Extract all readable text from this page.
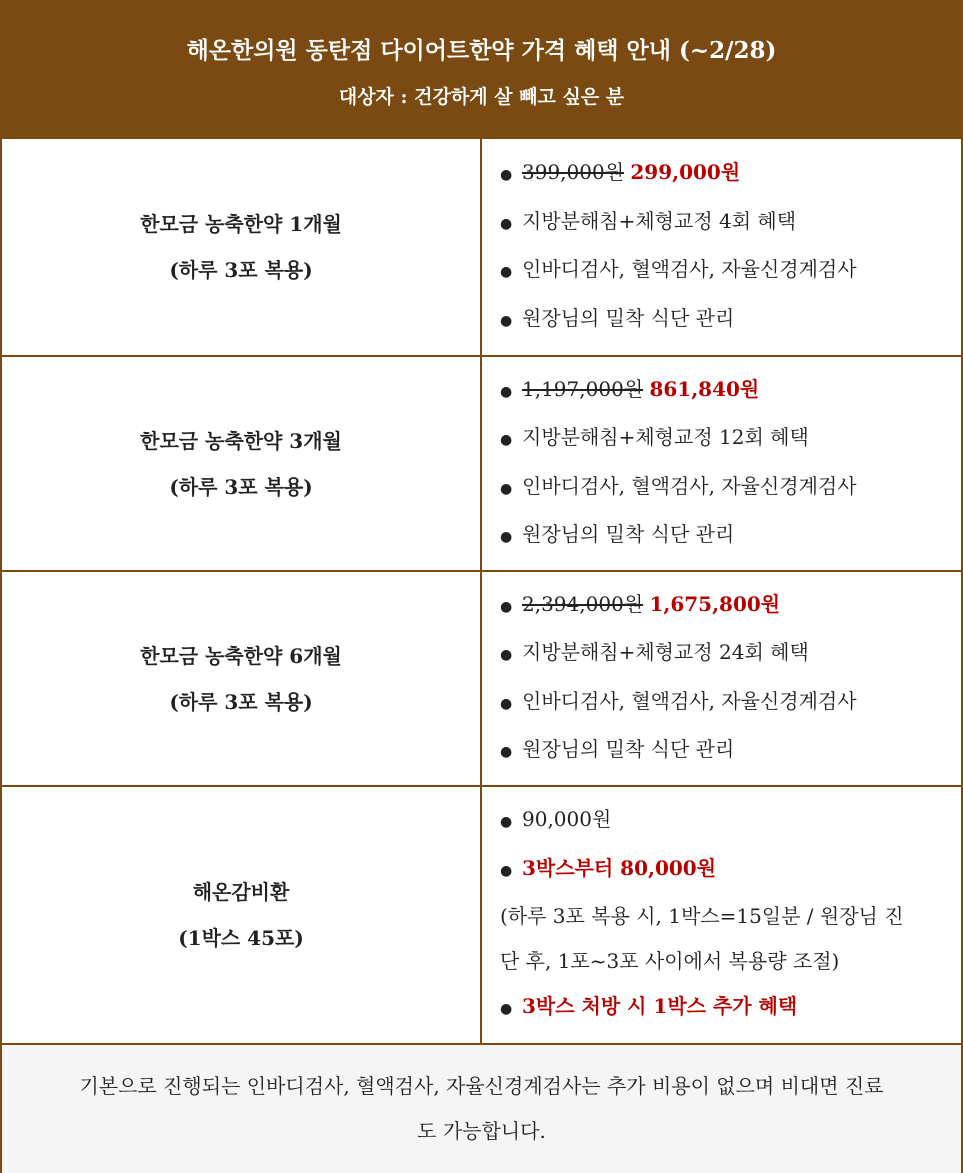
해온한의원 동탄점 다이어트한약 가격 혜택 안내 (~2/28)
대상자 : 건강하게 살 빼고 싶은 분
한모금 농축한약 1개월
(하루 3포 복용)
● 399,000원 299,000원
● 지방분해침+체형교정 4회 혜택
● 인바디검사, 혈액검사, 자율신경계검사
● 원장님의 밀착 식단 관리
한모금 농축한약 3개월
(하루 3포 복용)
● 1,197,000원 861,840원
● 지방분해침+체형교정 12회 혜택
● 인바디검사, 혈액검사, 자율신경계검사
● 원장님의 밀착 식단 관리
한모금 농축한약 6개월
(하루 3포 복용)
● 2,394,000원 1,675,800원
● 지방분해침+체형교정 24회 혜택
● 인바디검사, 혈액검사, 자율신경계검사
● 원장님의 밀착 식단 관리
해온감비환
(1박스 45포)
● 90,000원
● 3박스부터 80,000원
(하루 3포 복용 시, 1박스=15일분 / 원장님 진
단 후, 1포~3포 사이에서 복용량 조절)
● 3박스 처방 시 1박스 추가 혜택
기본으로 진행되는 인바디검사, 혈액검사, 자율신경계검사는 추가 비용이 없으며 비대면 진료
도 가능합니다.
